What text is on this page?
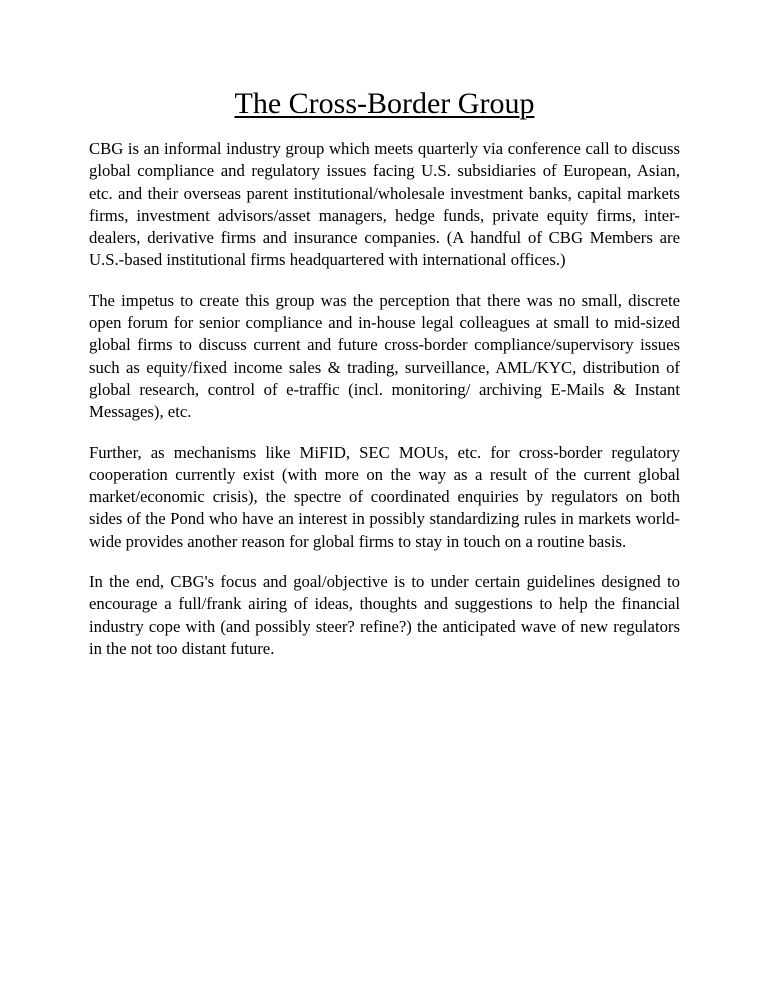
The Cross-Border Group

CBG is an informal industry group which meets quarterly via conference call to discuss global compliance and regulatory issues facing U.S. subsidiaries of European, Asian, etc. and their overseas parent institutional/wholesale investment banks, capital markets firms, investment advisors/asset managers, hedge funds, private equity firms, inter-dealers, derivative firms and insurance companies. (A handful of CBG Members are U.S.-based institutional firms headquartered with international offices.)

The impetus to create this group was the perception that there was no small, discrete open forum for senior compliance and in-house legal colleagues at small to mid-sized global firms to discuss current and future cross-border compliance/supervisory issues such as equity/fixed income sales & trading, surveillance, AML/KYC, distribution of global research, control of e-traffic (incl. monitoring/ archiving E-Mails & Instant Messages), etc.

Further, as mechanisms like MiFID, SEC MOUs, etc. for cross-border regulatory cooperation currently exist (with more on the way as a result of the current global market/economic crisis), the spectre of coordinated enquiries by regulators on both sides of the Pond who have an interest in possibly standardizing rules in markets world-wide provides another reason for global firms to stay in touch on a routine basis.

In the end, CBG's focus and goal/objective is to under certain guidelines designed to encourage a full/frank airing of ideas, thoughts and suggestions to help the financial industry cope with (and possibly steer? refine?) the anticipated wave of new regulators in the not too distant future.
